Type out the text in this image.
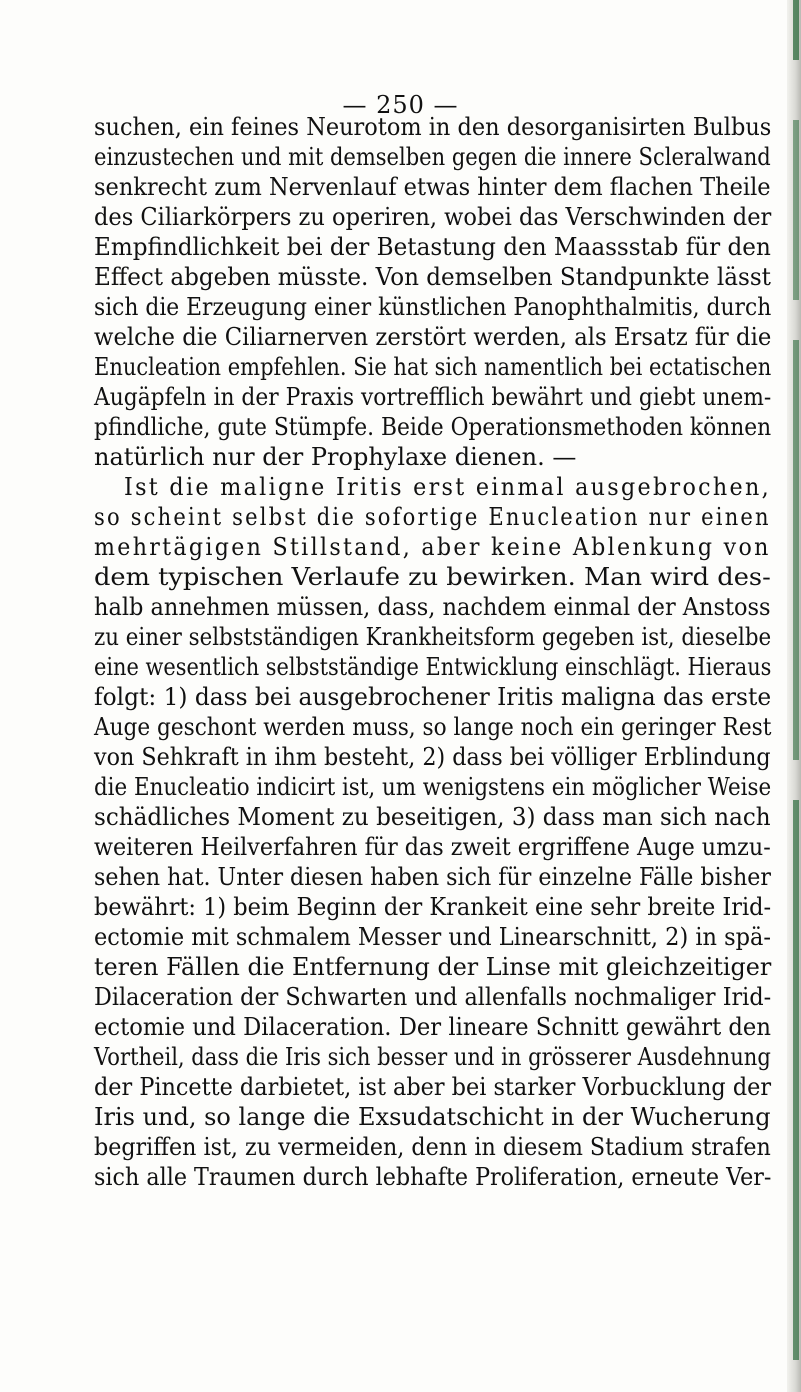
— 250 —
suchen, ein feines Neurotom in den desorganisirten Bulbus
einzustechen und mit demselben gegen die innere Scleralwand
senkrecht zum Nervenlauf etwas hinter dem flachen Theile
des Ciliarkörpers zu operiren, wobei das Verschwinden der
Empfindlichkeit bei der Betastung den Maassstab für den
Effect abgeben müsste. Von demselben Standpunkte lässt
sich die Erzeugung einer künstlichen Panophthalmitis, durch
welche die Ciliarnerven zerstört werden, als Ersatz für die
Enucleation empfehlen. Sie hat sich namentlich bei ectatischen
Augäpfeln in der Praxis vortrefflich bewährt und giebt unem-
pfindliche, gute Stümpfe. Beide Operationsmethoden können
natürlich nur der Prophylaxe dienen. —
Ist die maligne Iritis erst einmal ausgebrochen,
so scheint selbst die sofortige Enucleation nur einen
mehrtägigen Stillstand, aber keine Ablenkung von
dem typischen Verlaufe zu bewirken. Man wird des-
halb annehmen müssen, dass, nachdem einmal der Anstoss
zu einer selbstständigen Krankheitsform gegeben ist, dieselbe
eine wesentlich selbstständige Entwicklung einschlägt. Hieraus
folgt: 1) dass bei ausgebrochener Iritis maligna das erste
Auge geschont werden muss, so lange noch ein geringer Rest
von Sehkraft in ihm besteht, 2) dass bei völliger Erblindung
die Enucleatio indicirt ist, um wenigstens ein möglicher Weise
schädliches Moment zu beseitigen, 3) dass man sich nach
weiteren Heilverfahren für das zweit ergriffene Auge umzu-
sehen hat. Unter diesen haben sich für einzelne Fälle bisher
bewährt: 1) beim Beginn der Krankeit eine sehr breite Irid-
ectomie mit schmalem Messer und Linearschnitt, 2) in spä-
teren Fällen die Entfernung der Linse mit gleichzeitiger
Dilaceration der Schwarten und allenfalls nochmaliger Irid-
ectomie und Dilaceration. Der lineare Schnitt gewährt den
Vortheil, dass die Iris sich besser und in grösserer Ausdehnung
der Pincette darbietet, ist aber bei starker Vorbucklung der
Iris und, so lange die Exsudatschicht in der Wucherung
begriffen ist, zu vermeiden, denn in diesem Stadium strafen
sich alle Traumen durch lebhafte Proliferation, erneute Ver-
